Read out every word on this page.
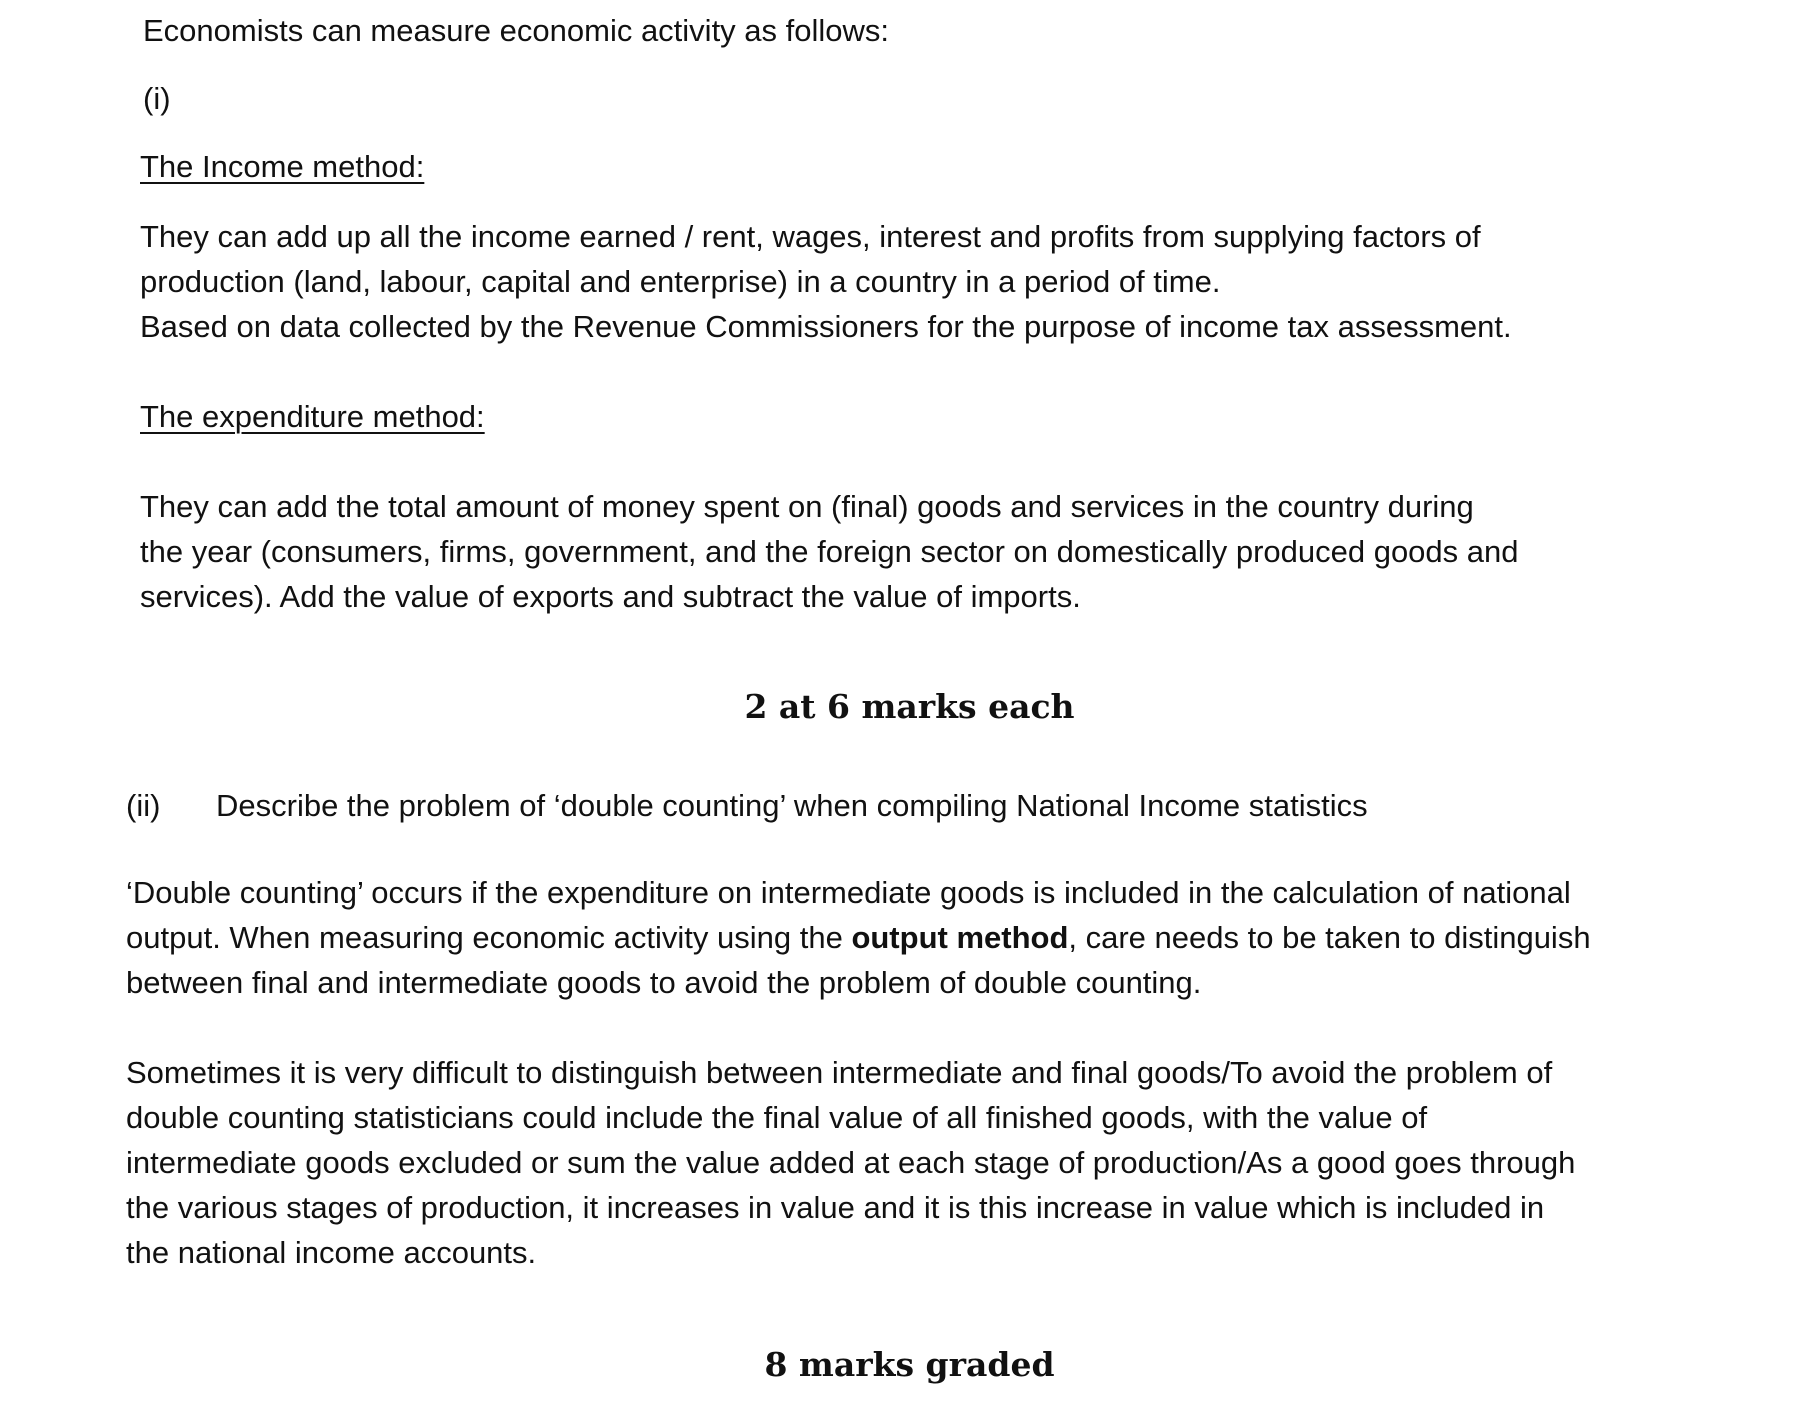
Economists can measure economic activity as follows:

(i)

The Income method:

They can add up all the income earned / rent, wages, interest and profits from supplying factors of

production (land, labour, capital and enterprise) in a country in a period of time.

Based on data collected by the Revenue Commissioners for the purpose of income tax assessment.

The expenditure method:

They can add the total amount of money spent on (final) goods and services in the country during

the year (consumers, firms, government, and the foreign sector on domestically produced goods and

services). Add the value of exports and subtract the value of imports.

2 at 6 marks each

(ii) Describe the problem of ‘double counting’ when compiling National Income statistics

‘Double counting’ occurs if the expenditure on intermediate goods is included in the calculation of national

output. When measuring economic activity using the output method, care needs to be taken to distinguish

between final and intermediate goods to avoid the problem of double counting.

Sometimes it is very difficult to distinguish between intermediate and final goods/To avoid the problem of

double counting statisticians could include the final value of all finished goods, with the value of

intermediate goods excluded or sum the value added at each stage of production/As a good goes through

the various stages of production, it increases in value and it is this increase in value which is included in

the national income accounts.

8 marks graded
